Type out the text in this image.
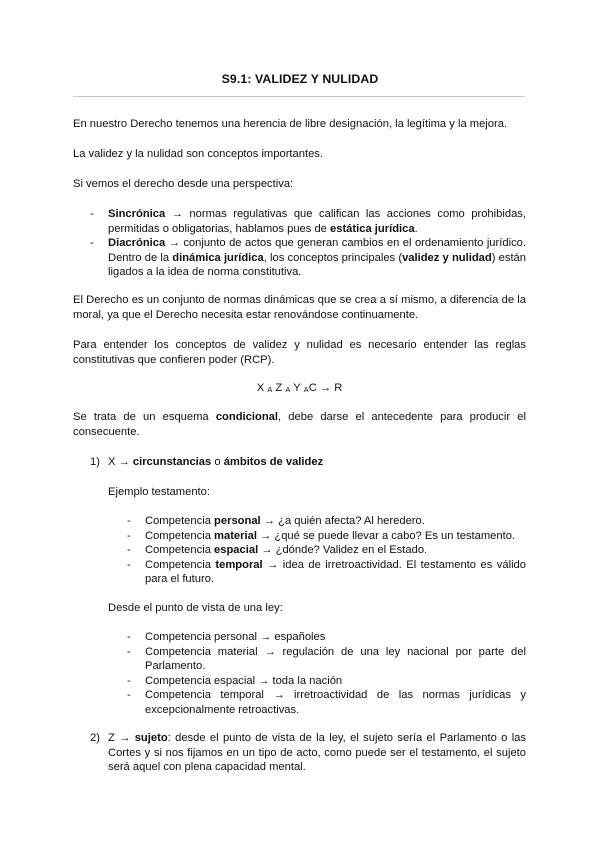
S9.1: VALIDEZ Y NULIDAD

En nuestro Derecho tenemos una herencia de libre designación, la legítima y la mejora.

La validez y la nulidad son conceptos importantes.

Si vemos el derecho desde una perspectiva:

- Sincrónica → normas regulativas que califican las acciones como prohibidas, permitidas o obligatorias, hablamos pues de estática jurídica.
- Diacrónica → conjunto de actos que generan cambios en el ordenamiento jurídico. Dentro de la dinámica jurídica, los conceptos principales (validez y nulidad) están ligados a la idea de norma constitutiva.

El Derecho es un conjunto de normas dinámicas que se crea a sí mismo, a diferencia de la moral, ya que el Derecho necesita estar renovándose continuamente.

Para entender los conceptos de validez y nulidad es necesario entender las reglas constitutivas que confieren poder (RCP).

X A Z A Y AC → R

Se trata de un esquema condicional, debe darse el antecedente para producir el consecuente.

1) X → circunstancias o ámbitos de validez

Ejemplo testamento:

- Competencia personal → ¿a quién afecta? Al heredero.
- Competencia material → ¿qué se puede llevar a cabo? Es un testamento.
- Competencia espacial → ¿dónde? Validez en el Estado.
- Competencia temporal → idea de irretroactividad. El testamento es válido para el futuro.

Desde el punto de vista de una ley:

- Competencia personal → españoles
- Competencia material → regulación de una ley nacional por parte del Parlamento.
- Competencia espacial → toda la nación
- Competencia temporal → irretroactividad de las normas jurídicas y excepcionalmente retroactivas.
2) Z → sujeto: desde el punto de vista de la ley, el sujeto sería el Parlamento o las Cortes y si nos fijamos en un tipo de acto, como puede ser el testamento, el sujeto será aquel con plena capacidad mental.
